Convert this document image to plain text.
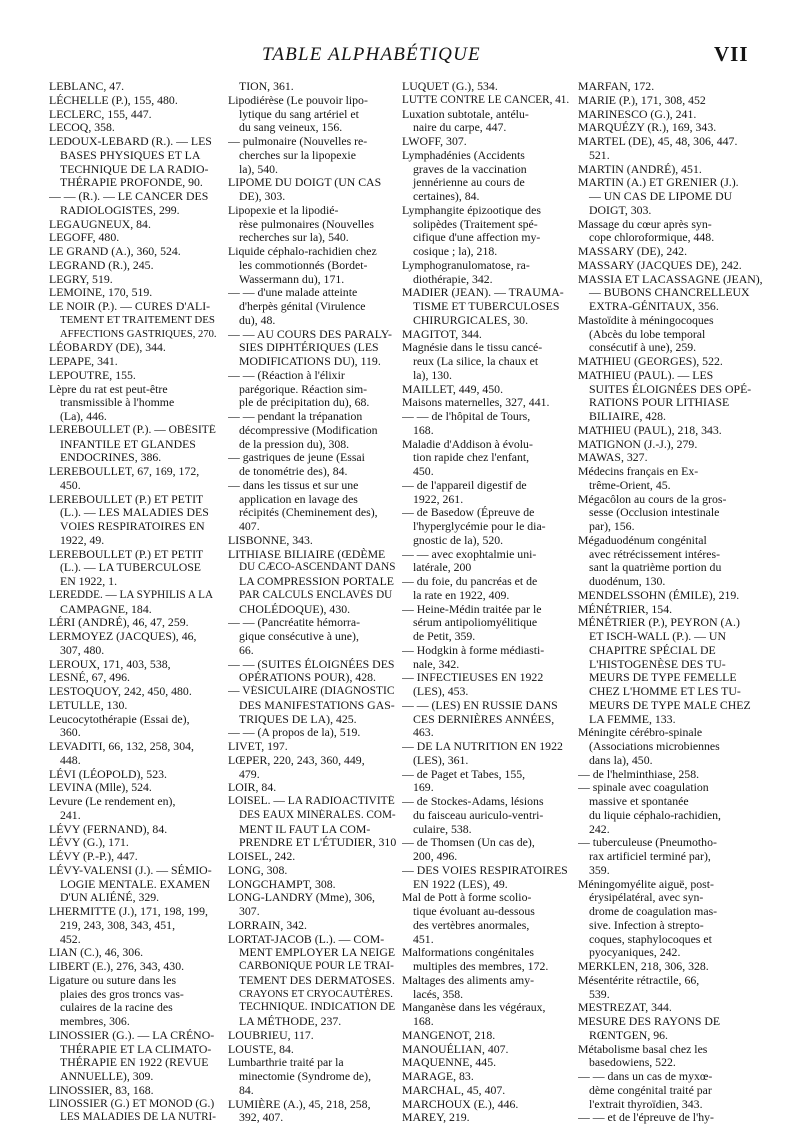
TABLE ALPHABÉTIQUE	VII
LEBLANC, 47.
LÉCHELLE (P.), 155, 480.
LECLERC, 155, 447.
LECOQ, 358.
LEDOUX-LEBARD (R.). — LES
BASES PHYSIQUES ET LA
TECHNIQUE DE LA RADIO-
THÉRAPIE PROFONDE, 90.
— — (R.). — LE CANCER DES
RADIOLOGISTES, 299.
LEGAUGNEUX, 84.
LEGOFF, 480.
LE GRAND (A.), 360, 524.
LEGRAND (R.), 245.
LEGRY, 519.
LEMOINE, 170, 519.
LE NOIR (P.). — CURES D'ALI-
TEMENT ET TRAITEMENT DES
AFFECTIONS GASTRIQUES, 270.
LÉOBARDY (DE), 344.
LEPAPE, 341.
LEPOUTRE, 155.
Lèpre du rat est peut-être
transmissible à l'homme
(La), 446.
LEREBOULLET (P.). — OBÉSITÉ
INFANTILE ET GLANDES
ENDOCRINES, 386.
LEREBOULLET, 67, 169, 172,
450.
LEREBOULLET (P.) ET PETIT
(L.). — LES MALADIES DES
VOIES RESPIRATOIRES EN
1922, 49.
LEREBOULLET (P.) ET PETIT
(L.). — LA TUBERCULOSE
EN 1922, 1.
LEREDDE. — LA SYPHILIS A LA
CAMPAGNE, 184.
LÉRI (ANDRÉ), 46, 47, 259.
LERMOYEZ (JACQUES), 46,
307, 480.
LEROUX, 171, 403, 538,
LESNÉ, 67, 496.
LESTOQUOY, 242, 450, 480.
LETULLE, 130.
Leucocytothérapie (Essai de),
360.
LEVADITI, 66, 132, 258, 304,
448.
LÉVI (LÉOPOLD), 523.
LEVINA (Mlle), 524.
Levure (Le rendement en),
241.
LÉVY (FERNAND), 84.
LÉVY (G.), 171.
LÉVY (P.-P.), 447.
LÉVY-VALENSI (J.). — SÉMIO-
LOGIE MENTALE. EXAMEN
D'UN ALIÉNÉ, 329.
LHERMITTE (J.), 171, 198, 199,
219, 243, 308, 343, 451,
452.
LIAN (C.), 46, 306.
LIBERT (E.), 276, 343, 430.
Ligature ou suture dans les
plaies des gros troncs vas-
culaires de la racine des
membres, 306.
LINOSSIER (G.). — LA CRÉNO-
THÉRAPIE ET LA CLIMATO-
THÉRAPIE EN 1922 (REVUE
ANNUELLE), 309.
LINOSSIER, 83, 168.
LINOSSIER (G.) ET MONOD (G.)
LES MALADIES DE LA NUTRI-
TION, 361.
Lipodiérèse (Le pouvoir lipo-
lytique du sang artériel et
du sang veineux, 156.
— pulmonaire (Nouvelles re-
cherches sur la lipopexie
la), 540.
LIPOME DU DOIGT (UN CAS
DE), 303.
Lipopexie et la lipodié-
rèse pulmonaires (Nouvelles
recherches sur la), 540.
Liquide céphalo-rachidien chez
les commotionnés (Bordet-
Wassermann du), 171.
— — d'une malade atteinte
d'herpès génital (Virulence
du), 48.
— — AU COURS DES PARALY-
SIES DIPHTÉRIQUES (LES
MODIFICATIONS DU), 119.
— — (Réaction à l'élixir
parégorique. Réaction sim-
ple de précipitation du), 68.
— — pendant la trépanation
décompressive (Modification
de la pression du), 308.
— gastriques de jeune (Essai
de tonométrie des), 84.
— dans les tissus et sur une
application en lavage des
récipités (Cheminement des),
407.
LISBONNE, 343.
LITHIASE BILIAIRE (ŒDÈME
DU CÆCO-ASCENDANT DANS
LA COMPRESSION PORTALE
PAR CALCULS ENCLAVÉS DU
CHOLÉDOQUE), 430.
— — (Pancréatite hémorra-
gique consécutive à une),
66.
— — (SUITES ÉLOIGNÉES DES
OPÉRATIONS POUR), 428.
— VÉSICULAIRE (DIAGNOSTIC
DES MANIFESTATIONS GAS-
TRIQUES DE LA), 425.
— — (A propos de la), 519.
LIVET, 197.
LŒPER, 220, 243, 360, 449,
479.
LOIR, 84.
LOISEL. — LA RADIOACTIVITÉ
DES EAUX MINÉRALES. COM-
MENT IL FAUT LA COM-
PRENDRE ET L'ÉTUDIER, 310
LOISEL, 242.
LONG, 308.
LONGCHAMPT, 308.
LONG-LANDRY (Mme), 306,
307.
LORRAIN, 342.
LORTAT-JACOB (L.). — COM-
MENT EMPLOYER LA NEIGE
CARBONIQUE POUR LE TRAI-
TEMENT DES DERMATOSES.
CRAYONS ET CRYOCAUTÈRES.
TECHNIQUE. INDICATION DE
LA MÉTHODE, 237.
LOUBRIEU, 117.
LOUSTE, 84.
Lumbarthrie traité par la
minectomie (Syndrome de),
84.
LUMIÈRE (A.), 45, 218, 258,
392, 407.
LUQUET (G.), 534.
LUTTE CONTRE LE CANCER, 41.
Luxation subtotale, antélu-
naire du carpe, 447.
LWOFF, 307.
Lymphadénies (Accidents
graves de la vaccination
jennérienne au cours de
certaines), 84.
Lymphangite épizootique des
solipèdes (Traitement spé-
cifique d'une affection my-
cosique ; la), 218.
Lymphogranulomatose, ra-
diothérapie, 342.
MADIER (JEAN). — TRAUMA-
TISME ET TUBERCULOSES
CHIRURGICALES, 30.
MAGITOT, 344.
Magnésie dans le tissu cancé-
reux (La silice, la chaux et
la), 130.
MAILLET, 449, 450.
Maisons maternelles, 327, 441.
— — de l'hôpital de Tours,
168.
Maladie d'Addison à évolu-
tion rapide chez l'enfant,
450.
— de l'appareil digestif de
1922, 261.
— de Basedow (Épreuve de
l'hyperglycémie pour le dia-
gnostic de la), 520.
— — avec exophtalmie uni-
latérale, 200
— du foie, du pancréas et de
la rate en 1922, 409.
— Heine-Médin traitée par le
sérum antipoliomyélitique
de Petit, 359.
— Hodgkin à forme médiasti-
nale, 342.
— INFECTIEUSES EN 1922
(LES), 453.
— — (LES) EN RUSSIE DANS
CES DERNIÈRES ANNÉES,
463.
— DE LA NUTRITION EN 1922
(LES), 361.
— de Paget et Tabes, 155,
169.
— de Stockes-Adams, lésions
du faisceau auriculo-ventri-
culaire, 538.
— de Thomsen (Un cas de),
200, 496.
— DES VOIES RESPIRATOIRES
EN 1922 (LES), 49.
Mal de Pott à forme scolio-
tique évoluant au-dessous
des vertèbres anormales,
451.
Malformations congénitales
multiples des membres, 172.
Maltages des aliments amy-
lacés, 358.
Manganèse dans les végéraux,
168.
MANGENOT, 218.
MANOUÉLIAN, 407.
MAQUENNE, 445.
MARAGE, 83.
MARCHAL, 45, 407.
MARCHOUX (E.), 446.
MAREY, 219.
MARFAN, 172.
MARIE (P.), 171, 308, 452
MARINESCO (G.), 241.
MARQUÉZY (R.), 169, 343.
MARTEL (DE), 45, 48, 306, 447.
521.
MARTIN (ANDRÉ), 451.
MARTIN (A.) ET GRENIER (J.).
— UN CAS DE LIPOME DU
DOIGT, 303.
Massage du cœur après syn-
cope chloroformique, 448.
MASSARY (DE), 242.
MASSARY (JACQUES DE), 242.
MASSIA ET LACASSAGNE (JEAN),
— BUBONS CHANCRELLEUX
EXTRA-GÉNITAUX, 356.
Mastoïdite à méningocoques
(Abcès du lobe temporal
consécutif à une), 259.
MATHIEU (GEORGES), 522.
MATHIEU (PAUL). — LES
SUITES ÉLOIGNÉES DES OPÉ-
RATIONS POUR LITHIASE
BILIAIRE, 428.
MATHIEU (PAUL), 218, 343.
MATIGNON (J.-J.), 279.
MAWAS, 327.
Médecins français en Ex-
trême-Orient, 45.
Mégacôlon au cours de la gros-
sesse (Occlusion intestinale
par), 156.
Mégaduodénum congénital
avec rétrécissement intéres-
sant la quatrième portion du
duodénum, 130.
MENDELSSOHN (ÉMILE), 219.
MÉNÉTRIER, 154.
MÉNÉTRIER (P.), PEYRON (A.)
ET ISCH-WALL (P.). — UN
CHAPITRE SPÉCIAL DE
L'HISTOGENÈSE DES TU-
MEURS DE TYPE FEMELLE
CHEZ L'HOMME ET LES TU-
MEURS DE TYPE MALE CHEZ
LA FEMME, 133.
Méningite cérébro-spinale
(Associations microbiennes
dans la), 450.
— de l'helminthiase, 258.
— spinale avec coagulation
massive et spontanée
du liquie céphalo-rachidien,
242.
— tuberculeuse (Pneumotho-
rax artificiel terminé par),
359.
Méningomyélite aiguë, post-
érysipélatéral, avec syn-
drome de coagulation mas-
sive. Infection à strepto-
coques, staphylocoques et
pyocyaniques, 242.
MERKLEN, 218, 306, 328.
Mésentérite rétractile, 66,
539.
MESTREZAT, 344.
MESURE DES RAYONS DE
RŒNTGEN, 96.
Métabolisme basal chez les
basedowiens, 522.
— — dans un cas de myxœ-
dème congénital traité par
l'extrait thyroïdien, 343.
— — et de l'épreuve de l'hy-
